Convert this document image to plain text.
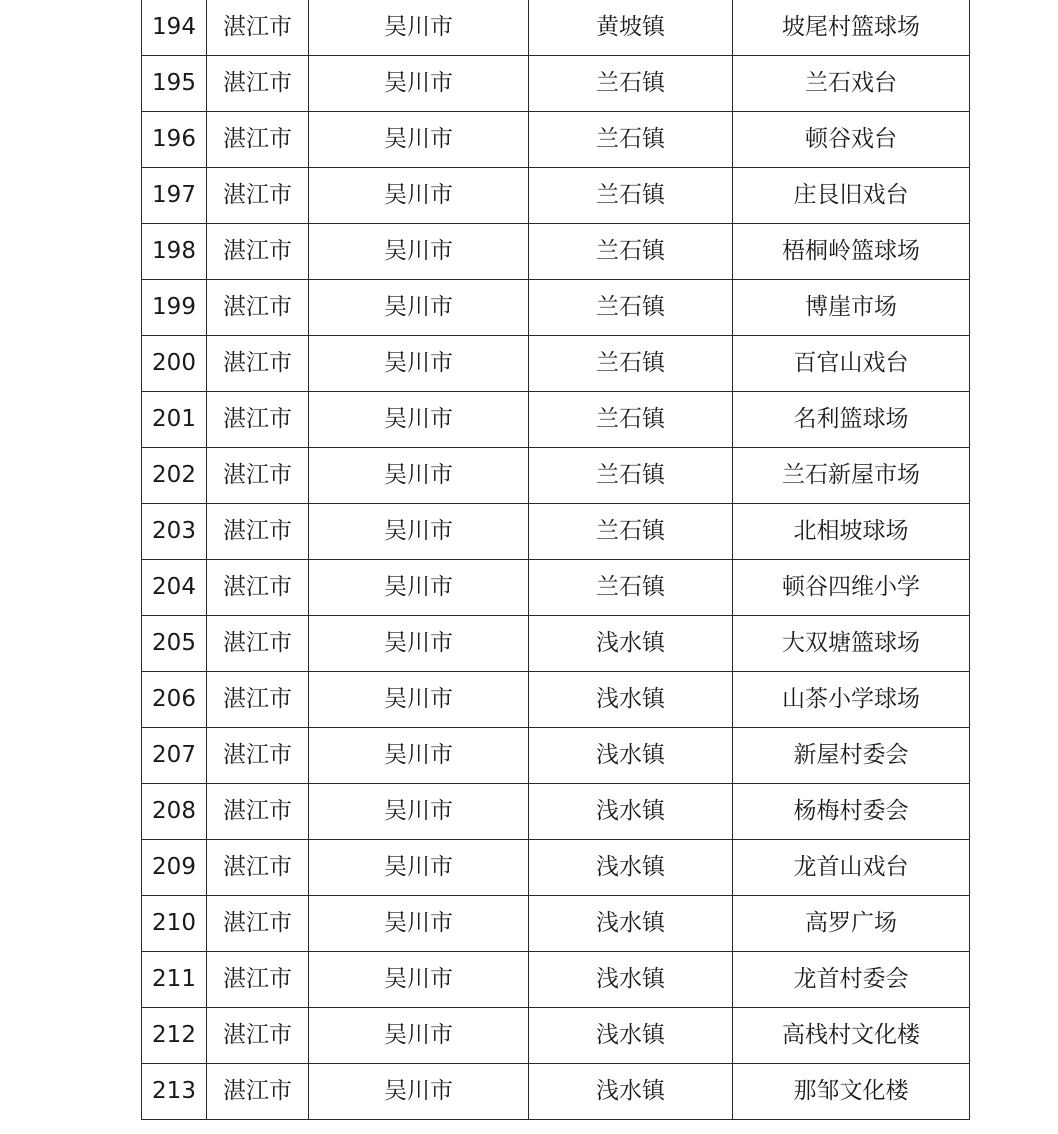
194	湛江市	吴川市	黄坡镇	坡尾村篮球场
195	湛江市	吴川市	兰石镇	兰石戏台
196	湛江市	吴川市	兰石镇	顿谷戏台
197	湛江市	吴川市	兰石镇	庄艮旧戏台
198	湛江市	吴川市	兰石镇	梧桐岭篮球场
199	湛江市	吴川市	兰石镇	博崖市场
200	湛江市	吴川市	兰石镇	百官山戏台
201	湛江市	吴川市	兰石镇	名利篮球场
202	湛江市	吴川市	兰石镇	兰石新屋市场
203	湛江市	吴川市	兰石镇	北相坡球场
204	湛江市	吴川市	兰石镇	顿谷四维小学
205	湛江市	吴川市	浅水镇	大双塘篮球场
206	湛江市	吴川市	浅水镇	山茶小学球场
207	湛江市	吴川市	浅水镇	新屋村委会
208	湛江市	吴川市	浅水镇	杨梅村委会
209	湛江市	吴川市	浅水镇	龙首山戏台
210	湛江市	吴川市	浅水镇	高罗广场
211	湛江市	吴川市	浅水镇	龙首村委会
212	湛江市	吴川市	浅水镇	高栈村文化楼
213	湛江市	吴川市	浅水镇	那邹文化楼
